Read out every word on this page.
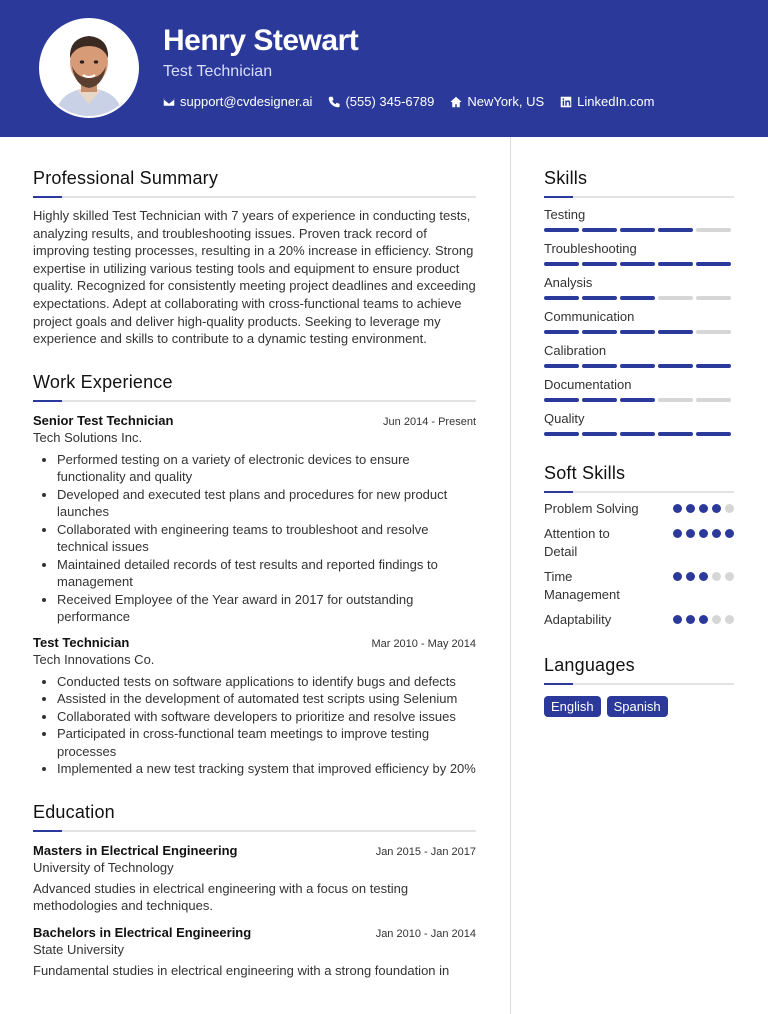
Henry Stewart
Test Technician
support@cvdesigner.ai	(555) 345-6789	NewYork, US	LinkedIn.com
Professional Summary

Highly skilled Test Technician with 7 years of experience in conducting tests, analyzing results, and troubleshooting issues. Proven track record of improving testing processes, resulting in a 20% increase in efficiency. Strong expertise in utilizing various testing tools and equipment to ensure product quality. Recognized for consistently meeting project deadlines and exceeding expectations. Adept at collaborating with cross-functional teams to achieve project goals and deliver high-quality products. Seeking to leverage my experience and skills to contribute to a dynamic testing environment.

Work Experience
Senior Test Technician	Jun 2014 - Present
Tech Solutions Inc.
• Performed testing on a variety of electronic devices to ensure functionality and quality
• Developed and executed test plans and procedures for new product launches
• Collaborated with engineering teams to troubleshoot and resolve technical issues
• Maintained detailed records of test results and reported findings to management
• Received Employee of the Year award in 2017 for outstanding performance
Test Technician	Mar 2010 - May 2014
Tech Innovations Co.
• Conducted tests on software applications to identify bugs and defects
• Assisted in the development of automated test scripts using Selenium
• Collaborated with software developers to prioritize and resolve issues
• Participated in cross-functional team meetings to improve testing processes
• Implemented a new test tracking system that improved efficiency by 20%
Education
Masters in Electrical Engineering	Jan 2015 - Jan 2017
University of Technology

Advanced studies in electrical engineering with a focus on testing methodologies and techniques.

Bachelors in Electrical Engineering	Jan 2010 - Jan 2014
State University

Fundamental studies in electrical engineering with a strong foundation in

Skills
Testing
Troubleshooting
Analysis
Communication
Calibration
Documentation
Quality
Soft Skills
Problem Solving
Attention to Detail
Time Management
Adaptability
Languages
English	Spanish
